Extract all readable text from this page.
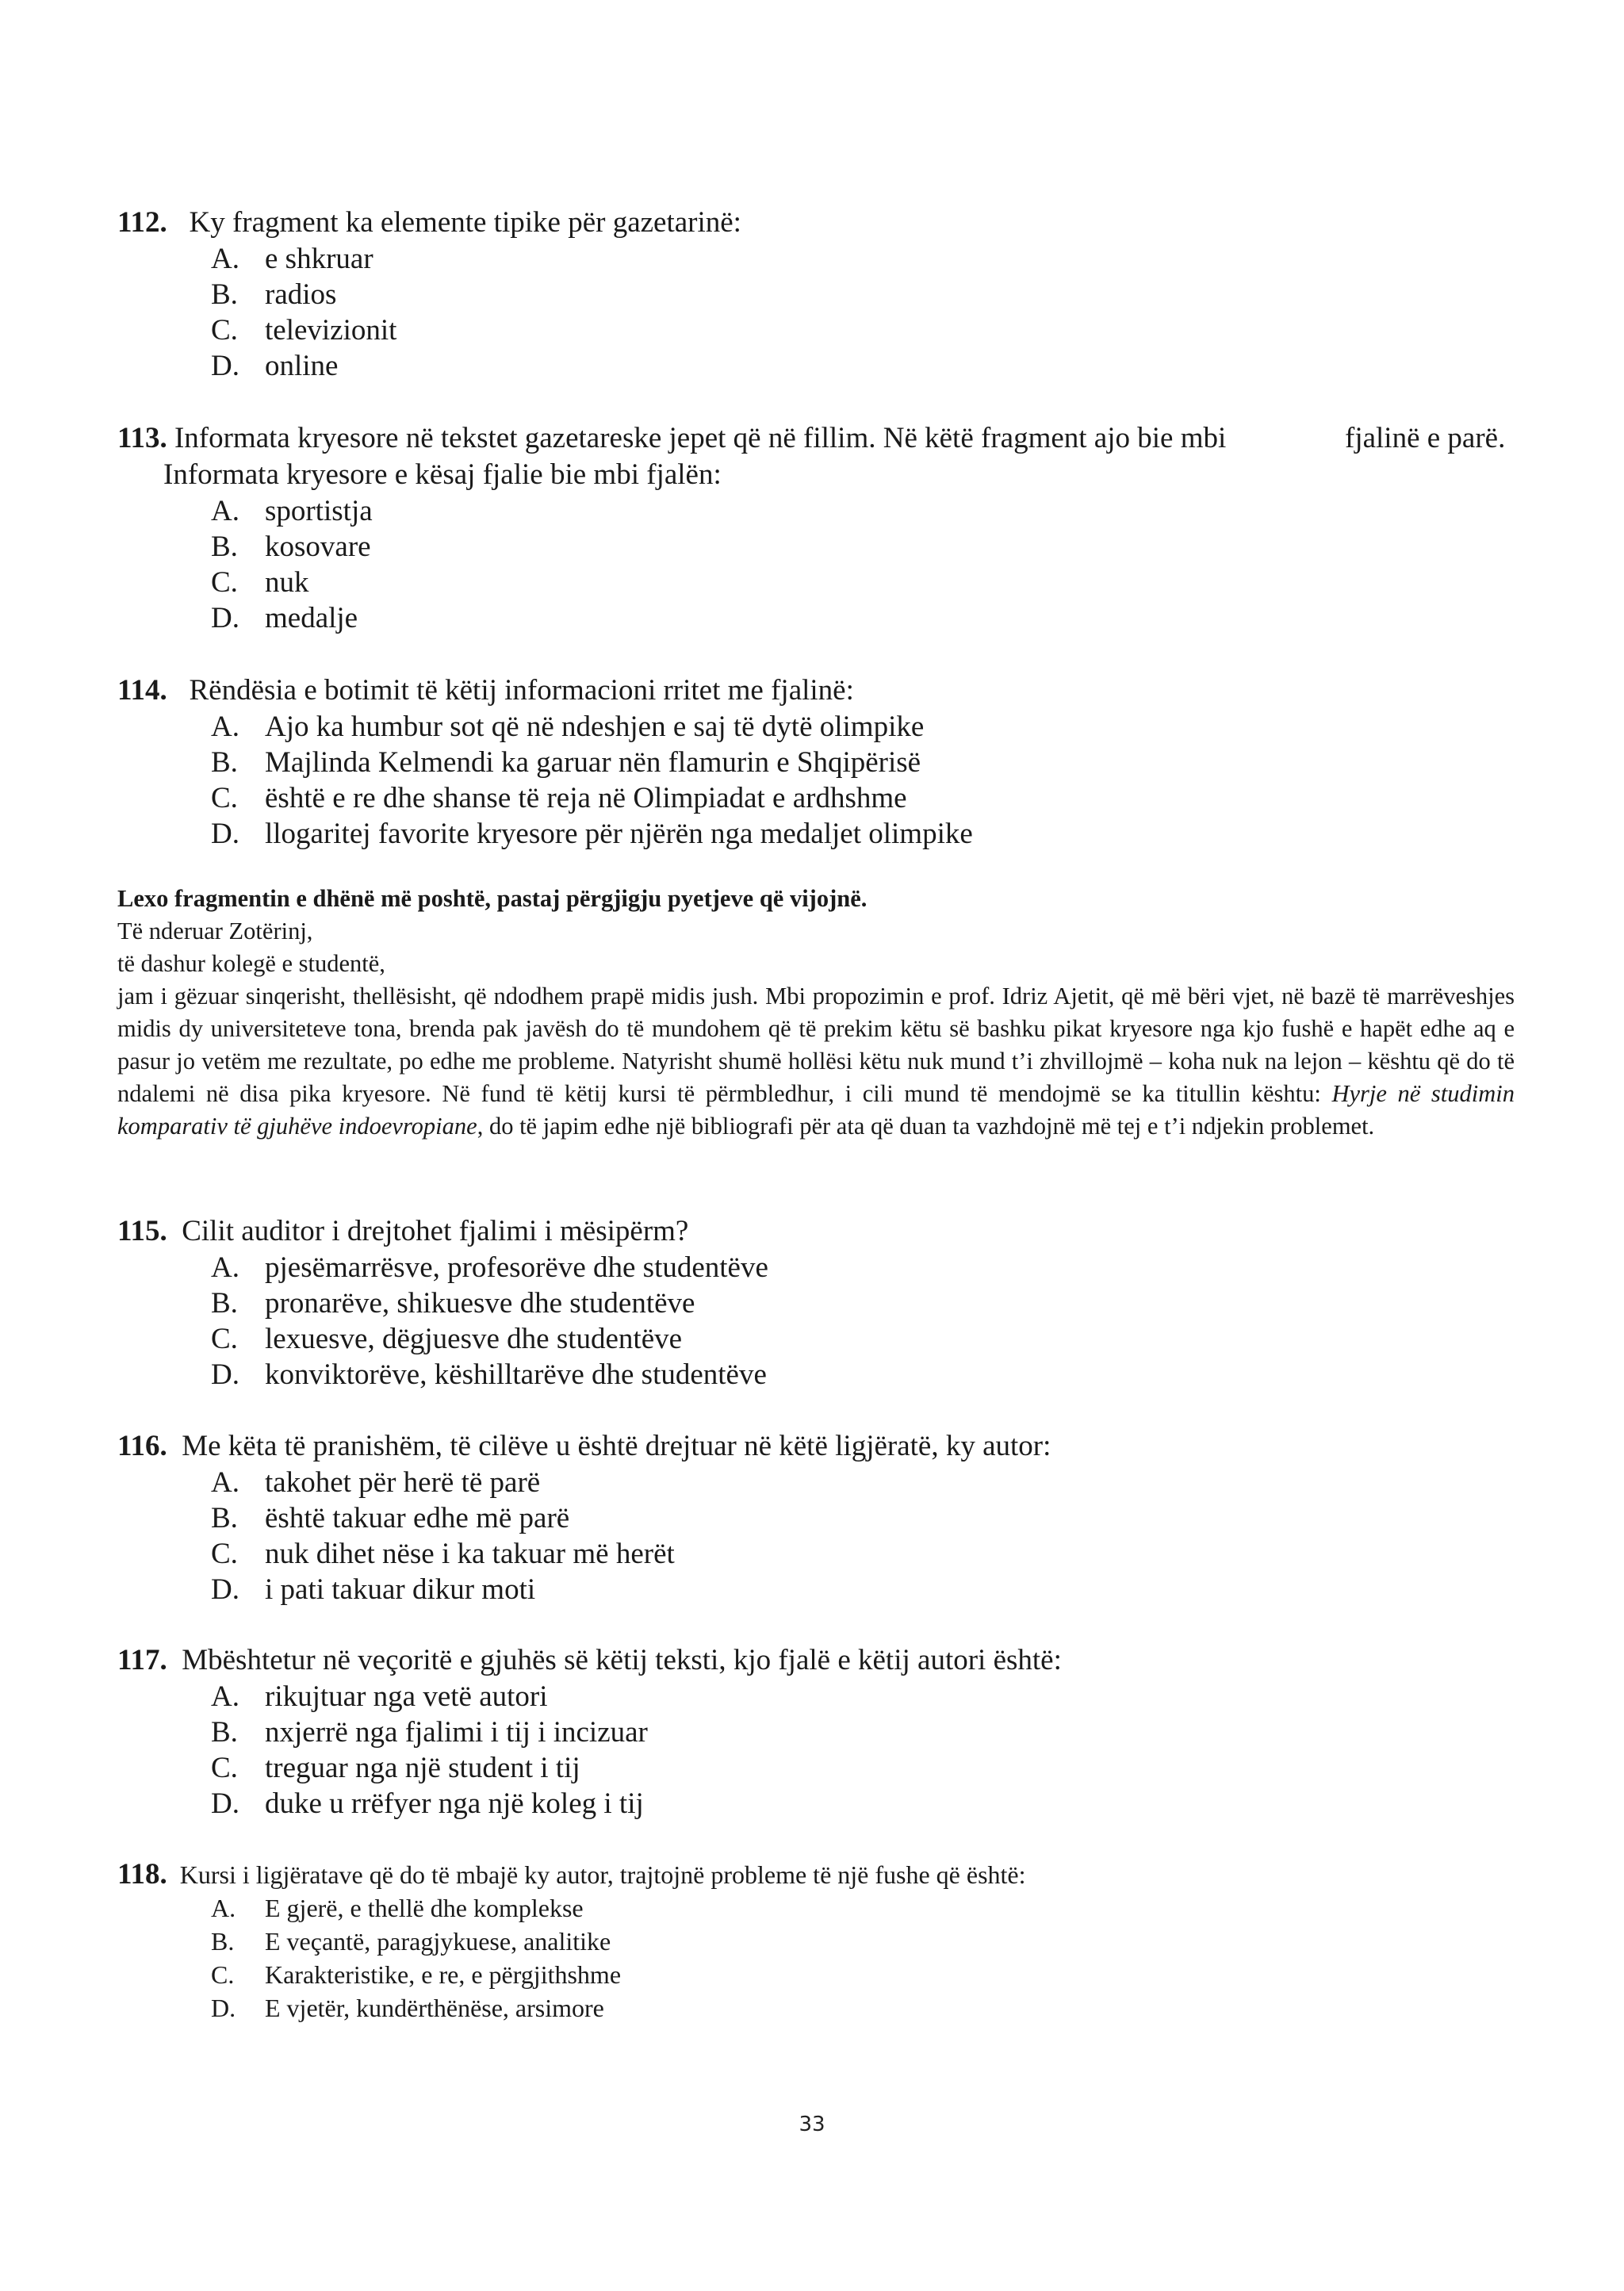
112. Ky fragment ka elemente tipike për gazetarinë:
A. e shkruar
B. radios
C. televizionit
D. online
113. Informata kryesore në tekstet gazetareske jepet që në fillim. Në këtë fragment ajo bie mbi	fjalinë e parë.
Informata kryesore e kësaj fjalie bie mbi fjalën:
A. sportistja
B. kosovare
C. nuk
D. medalje
114. Rëndësia e botimit të këtij informacioni rritet me fjalinë:
A. Ajo ka humbur sot që në ndeshjen e saj të dytë olimpike
B. Majlinda Kelmendi ka garuar nën flamurin e Shqipërisë
C. është e re dhe shanse të reja në Olimpiadat e ardhshme
D. llogaritej favorite kryesore për njërën nga medaljet olimpike
Lexo fragmentin e dhënë më poshtë, pastaj përgjigju pyetjeve që vijojnë.
Të nderuar Zotërinj,
të dashur kolegë e studentë,
jam i gëzuar sinqerisht, thellësisht, që ndodhem prapë midis jush. Mbi propozimin e prof. Idriz Ajetit, që më bëri vjet, në bazë të marrëveshjes midis dy universiteteve tona, brenda pak javësh do të mundohem që të prekim këtu së bashku pikat kryesore nga kjo fushë e hapët edhe aq e pasur jo vetëm me rezultate, po edhe me probleme. Natyrisht shumë hollësi këtu nuk mund t’i zhvillojmë – koha nuk na lejon – kështu që do të ndalemi në disa pika kryesore. Në fund të këtij kursi të përmbledhur, i cili mund të mendojmë se ka titullin kështu: Hyrje në studimin komparativ të gjuhëve indoevropiane, do të japim edhe një bibliografi për ata që duan ta vazhdojnë më tej e t’i ndjekin problemet.
115. Cilit auditor i drejtohet fjalimi i mësipërm?
A. pjesëmarrësve, profesorëve dhe studentëve
B. pronarëve, shikuesve dhe studentëve
C. lexuesve, dëgjuesve dhe studentëve
D. konviktorëve, këshilltarëve dhe studentëve
116. Me këta të pranishëm, të cilëve u është drejtuar në këtë ligjëratë, ky autor:
A. takohet për herë të parë
B. është takuar edhe më parë
C. nuk dihet nëse i ka takuar më herët
D. i pati takuar dikur moti
117. Mbështetur në veçoritë e gjuhës së këtij teksti, kjo fjalë e këtij autori është:
A. rikujtuar nga vetë autori
B. nxjerrë nga fjalimi i tij i incizuar
C. treguar nga një student i tij
D. duke u rrëfyer nga një koleg i tij
118. Kursi i ligjëratave që do të mbajë ky autor, trajtojnë probleme të një fushe që është:
A. E gjerë, e thellë dhe komplekse
B. E veçantë, paragjykuese, analitike
C. Karakteristike, e re, e përgjithshme
D. E vjetër, kundërthënëse, arsimore
33
